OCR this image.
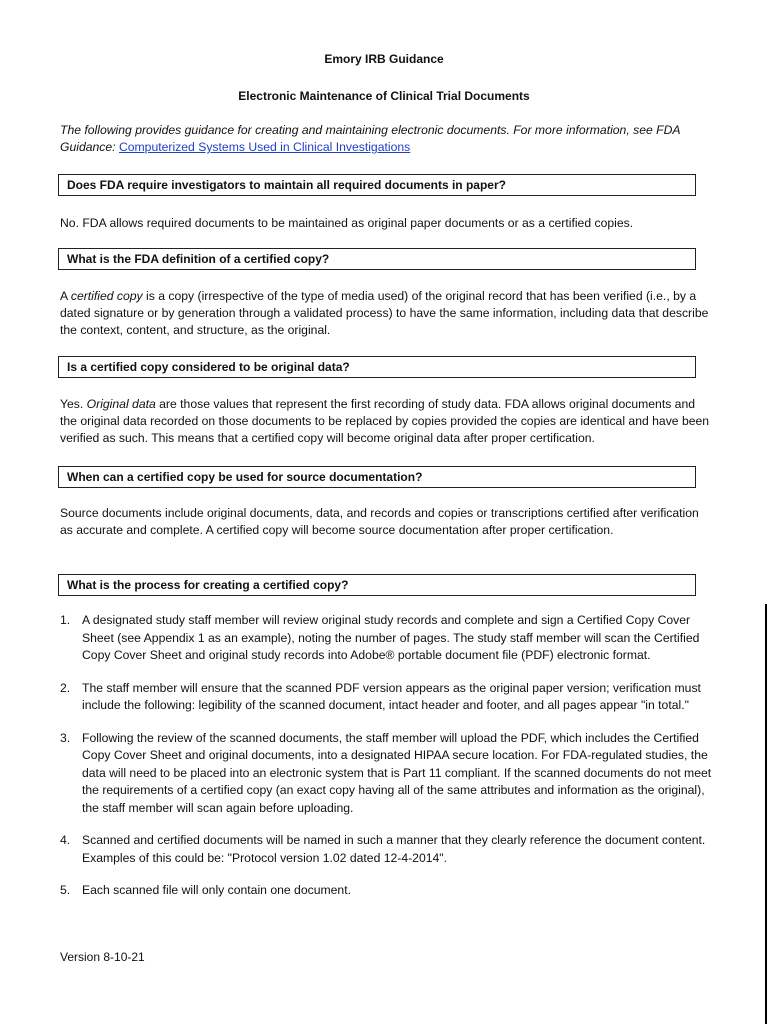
Emory IRB Guidance
Electronic Maintenance of Clinical Trial Documents
The following provides guidance for creating and maintaining electronic documents. For more information, see FDA Guidance: Computerized Systems Used in Clinical Investigations
Does FDA require investigators to maintain all required documents in paper?
No. FDA allows required documents to be maintained as original paper documents or as a certified copies.
What is the FDA definition of a certified copy?
A certified copy is a copy (irrespective of the type of media used) of the original record that has been verified (i.e., by a dated signature or by generation through a validated process) to have the same information, including data that describe the context, content, and structure, as the original.
Is a certified copy considered to be original data?
Yes. Original data are those values that represent the first recording of study data. FDA allows original documents and the original data recorded on those documents to be replaced by copies provided the copies are identical and have been verified as such. This means that a certified copy will become original data after proper certification.
When can a certified copy be used for source documentation?
Source documents include original documents, data, and records and copies or transcriptions certified after verification as accurate and complete. A certified copy will become source documentation after proper certification.
What is the process for creating a certified copy?
1. A designated study staff member will review original study records and complete and sign a Certified Copy Cover Sheet (see Appendix 1 as an example), noting the number of pages. The study staff member will scan the Certified Copy Cover Sheet and original study records into Adobe® portable document file (PDF) electronic format.
2. The staff member will ensure that the scanned PDF version appears as the original paper version; verification must include the following: legibility of the scanned document, intact header and footer, and all pages appear "in total."
3. Following the review of the scanned documents, the staff member will upload the PDF, which includes the Certified Copy Cover Sheet and original documents, into a designated HIPAA secure location. For FDA-regulated studies, the data will need to be placed into an electronic system that is Part 11 compliant. If the scanned documents do not meet the requirements of a certified copy (an exact copy having all of the same attributes and information as the original), the staff member will scan again before uploading.
4. Scanned and certified documents will be named in such a manner that they clearly reference the document content. Examples of this could be: "Protocol version 1.02 dated 12-4-2014".
5. Each scanned file will only contain one document.
Version 8-10-21
